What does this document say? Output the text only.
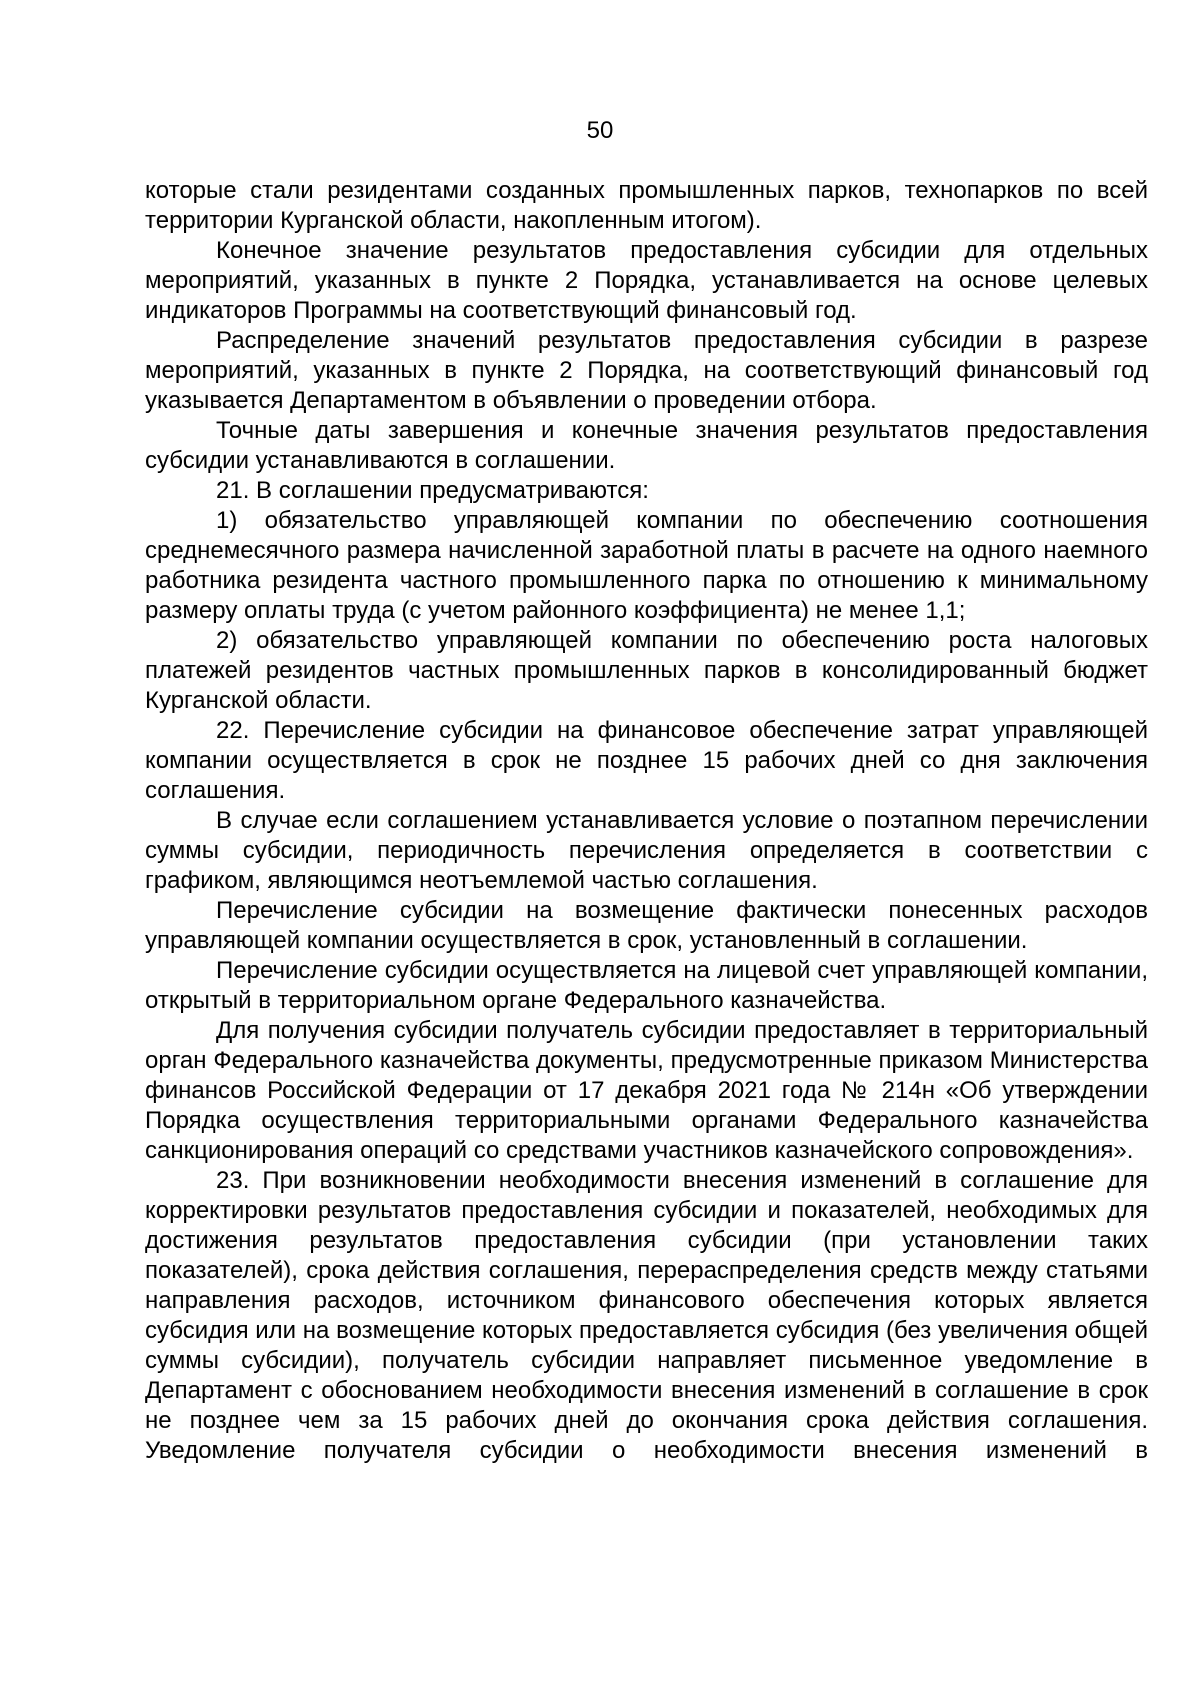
50

которые стали резидентами созданных промышленных парков, технопарков по всей территории Курганской области, накопленным итогом).

Конечное значение результатов предоставления субсидии для отдельных мероприятий, указанных в пункте 2 Порядка, устанавливается на основе целевых индикаторов Программы на соответствующий финансовый год.

Распределение значений результатов предоставления субсидии в разрезе мероприятий, указанных в пункте 2 Порядка, на соответствующий финансовый год указывается Департаментом в объявлении о проведении отбора.

Точные даты завершения и конечные значения результатов предоставления субсидии устанавливаются в соглашении.

21. В соглашении предусматриваются:

1) обязательство управляющей компании по обеспечению соотношения среднемесячного размера начисленной заработной платы в расчете на одного наемного работника резидента частного промышленного парка по отношению к минимальному размеру оплаты труда (с учетом районного коэффициента) не менее 1,1;

2) обязательство управляющей компании по обеспечению роста налоговых платежей резидентов частных промышленных парков в консолидированный бюджет Курганской области.

22. Перечисление субсидии на финансовое обеспечение затрат управляющей компании осуществляется в срок не позднее 15 рабочих дней со дня заключения соглашения.

В случае если соглашением устанавливается условие о поэтапном перечислении суммы субсидии, периодичность перечисления определяется в соответствии с графиком, являющимся неотъемлемой частью соглашения.

Перечисление субсидии на возмещение фактически понесенных расходов управляющей компании осуществляется в срок, установленный в соглашении.

Перечисление субсидии осуществляется на лицевой счет управляющей компании, открытый в территориальном органе Федерального казначейства.

Для получения субсидии получатель субсидии предоставляет в территориальный орган Федерального казначейства документы, предусмотренные приказом Министерства финансов Российской Федерации от 17 декабря 2021 года № 214н «Об утверждении Порядка осуществления территориальными органами Федерального казначейства санкционирования операций со средствами участников казначейского сопровождения».

23. При возникновении необходимости внесения изменений в соглашение для корректировки результатов предоставления субсидии и показателей, необходимых для достижения результатов предоставления субсидии (при установлении таких показателей), срока действия соглашения, перераспределения средств между статьями направления расходов, источником финансового обеспечения которых является субсидия или на возмещение которых предоставляется субсидия (без увеличения общей суммы субсидии), получатель субсидии направляет письменное уведомление в Департамент с обоснованием необходимости внесения изменений в соглашение в срок не позднее чем за 15 рабочих дней до окончания срока действия соглашения. Уведомление получателя субсидии о необходимости внесения изменений в
